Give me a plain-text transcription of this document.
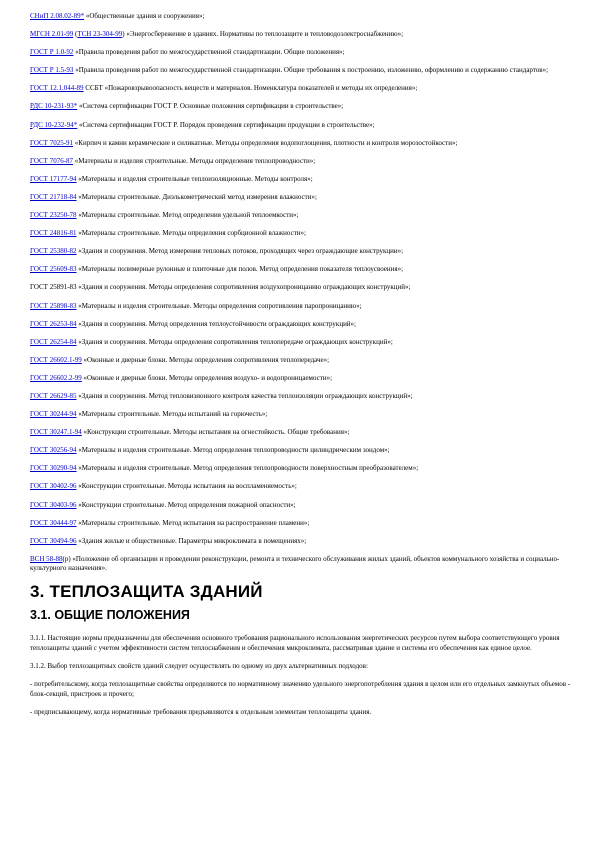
СНиП 2.08.02-89* «Общественные здания и сооружения»;
МГСН 2.01-99 (ТСН 23-304-99) «Энергосбережение в зданиях. Нормативы по теплозащите и тепловодоэлектроснабжению»;
ГОСТ Р 1.0-92 «Правила проведения работ по межгосударственной стандартизации. Общие положения»;
ГОСТ Р 1.5-93 «Правила проведения работ по межгосударственной стандартизации. Общие требования к построению, изложению, оформлению и содержанию стандартов»;
ГОСТ 12.1.044-89 ССБТ «Пожаровзрывоопасность веществ и материалов. Номенклатура показателей и методы их определения»;
РДС 10-231-93* «Система сертификации ГОСТ Р. Основные положения сертификации в строительстве»;
РДС 10-232-94* «Система сертификации ГОСТ Р. Порядок проведения сертификации продукции в строительстве»;
ГОСТ 7025-91 «Кирпич и камни керамические и силикатные. Методы определения водопоглощения, плотности и контроля морозостойкости»;
ГОСТ 7076-87 «Материалы и изделия строительные. Методы определения теплопроводности»;
ГОСТ 17177-94 «Материалы и изделия строительные теплоизоляционные. Методы контроля»;
ГОСТ 21718-84 «Материалы строительные. Диэлькометрический метод измерения влажности»;
ГОСТ 23250-78 «Материалы строительные. Метод определения удельной теплоемкости»;
ГОСТ 24816-81 «Материалы строительные. Методы определения сорбционной влажности»;
ГОСТ 25380-82 «Здания и сооружения. Метод измерения тепловых потоков, проходящих через ограждающие конструкции»;
ГОСТ 25609-83 «Материалы полимерные рулонные и плиточные для полов. Метод определения показателя теплоусвоения»;
ГОСТ 25891-83 «Здания и сооружения. Методы определения сопротивления воздухопроницанию ограждающих конструкций»;
ГОСТ 25898-83 «Материалы и изделия строительные. Методы определения сопротивления паропроницанию»;
ГОСТ 26253-84 «Здания и сооружения. Метод определения теплоустойчивости ограждающих конструкций»;
ГОСТ 26254-84 «Здания и сооружения. Методы определения сопротивления теплопередаче ограждающих конструкций»;
ГОСТ 26602.1-99 «Оконные и дверные блоки. Методы определения сопротивления теплопередаче»;
ГОСТ 26602.2-99 «Оконные и дверные блоки. Методы определения воздухо- и водопроницаемости»;
ГОСТ 26629-85 «Здания и сооружения. Метод тепловизионного контроля качества теплоизоляции ограждающих конструкций»;
ГОСТ 30244-94 «Материалы строительные. Методы испытаний на горючесть»;
ГОСТ 30247.1-94 «Конструкции строительные. Методы испытания на огнестойкость. Общие требования»;
ГОСТ 30256-94 «Материалы и изделия строительные. Метод определения теплопроводности цилиндрическим зондом»;
ГОСТ 30290-94 «Материалы и изделия строительные. Метод определения теплопроводности поверхностным преобразователем»;
ГОСТ 30402-96 «Конструкции строительные. Методы испытания на воспламеняемость»;
ГОСТ 30403-96 «Конструкции строительные. Метод определения пожарной опасности»;
ГОСТ 30444-97 «Материалы строительные. Метод испытания на распространение пламени»;
ГОСТ 30494-96 «Здания жилые и общественные. Параметры микроклимата в помещениях»;
ВСН 58-88(р) «Положение об организации и проведении реконструкции, ремонта и технического обслуживания жилых зданий, объектов коммунального хозяйства и социально-культурного назначения».
3. ТЕПЛОЗАЩИТА ЗДАНИЙ
3.1. ОБЩИЕ ПОЛОЖЕНИЯ
3.1.1. Настоящие нормы предназначены для обеспечения основного требования рационального использования энергетических ресурсов путем выбора соответствующего уровня теплозащиты зданий с учетом эффективности систем теплоснабжения и обеспечения микроклимата, рассматривая здание и системы его обеспечения как единое целое.
3.1.2. Выбор теплозащитных свойств зданий следует осуществлять по одному из двух альтернативных подходов:
- потребительскому, когда теплозащитные свойства определяются по нормативному значению удельного энергопотребления здания в целом или его отдельных замкнутых объемов - блок-секций, пристроек и прочего;
- предписывающему, когда нормативные требования предъявляются к отдельным элементам теплозащиты здания.
